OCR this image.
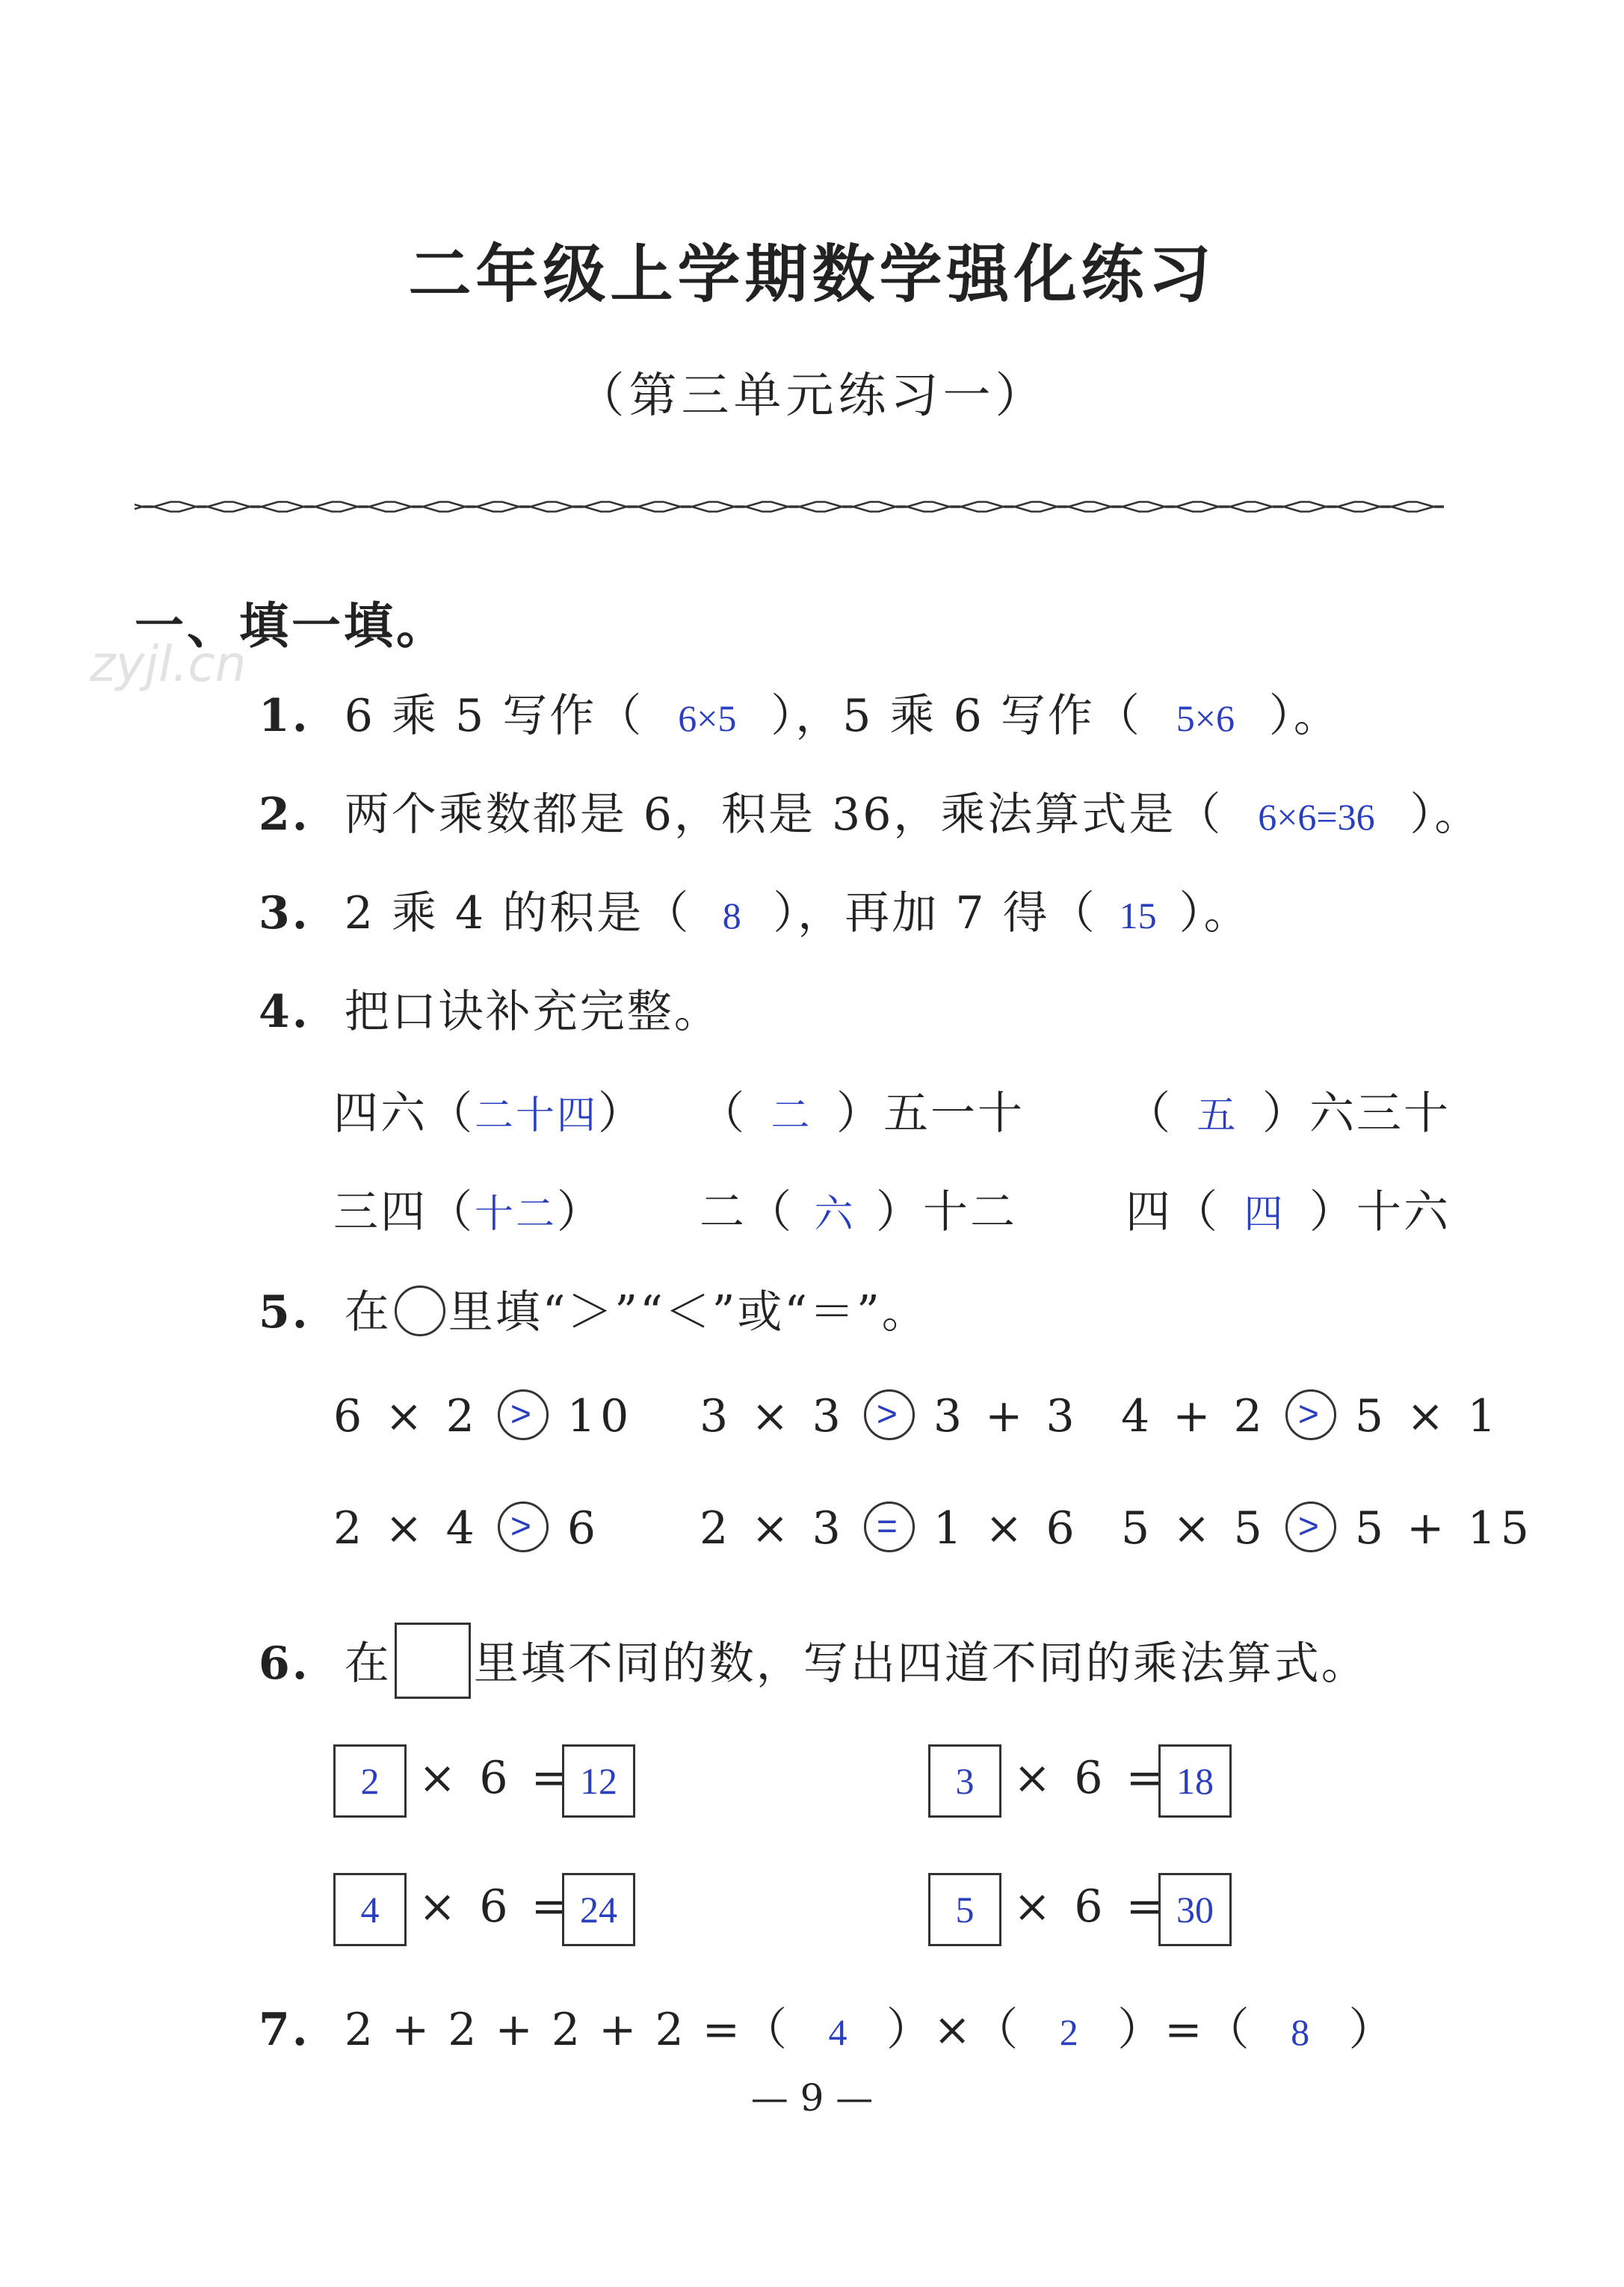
二年级上学期数学强化练习
（第三单元练习一）
zyjl.cn
一、填一填。
1. 6 乘 5 写作（ 6×5 ），5 乘 6 写作（ 5×6 ）。
2. 两个乘数都是 6，积是 36，乘法算式是（ 6×6=36 ）。
3. 2 乘 4 的积是（ 8 ），再加 7 得（ 15 ）。
4. 把口诀补充完整。
四六（二十四） （ 二 ）五一十 （ 五 ）六三十
三四（十二） 二（ 六 ）十二 四（ 四 ）十六
5. 在 里填“＞”“＜”或“＝”。
6 × 2 > 10 3 × 3 > 3 + 3 4 + 2 > 5 × 1
2 × 4 > 6 2 × 3 = 1 × 6 5 × 5 > 5 + 15
6. 在 里填不同的数，写出四道不同的乘法算式。
2 × 6 = 12	3 × 6 = 18
4 × 6 = 24	5 × 6 = 30
7. 2 + 2 + 2 + 2 =（ 4 ）×（ 2 ）=（ 8 ）
— 9 —
